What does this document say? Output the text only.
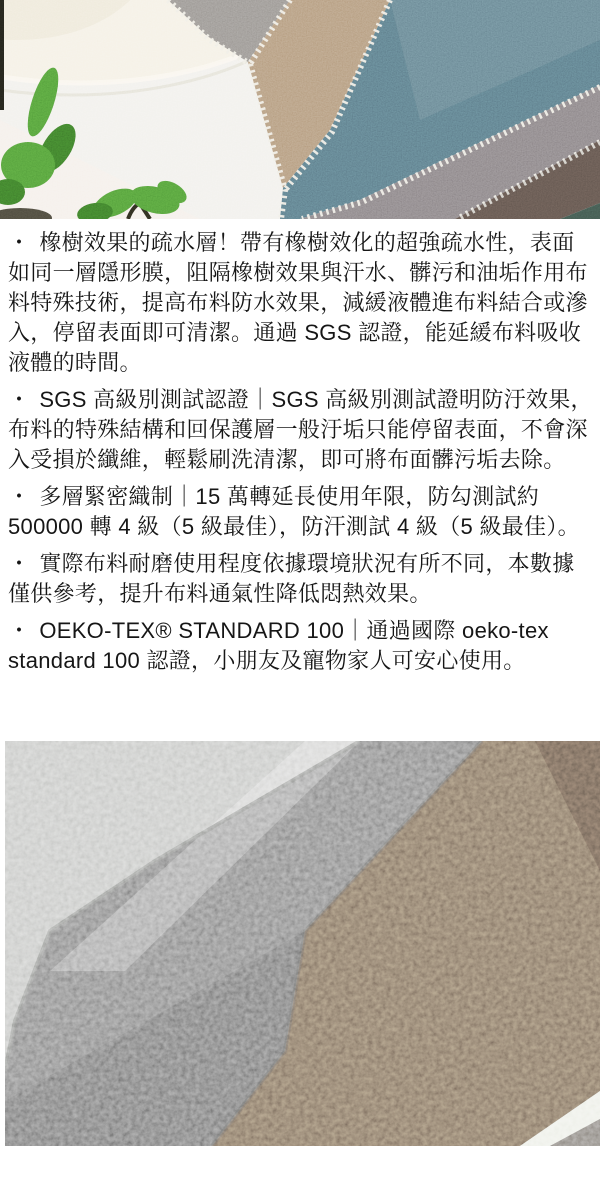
・ 橡樹效果的疏水層！帶有橡樹效化的超強疏水性，表面如同一層隱形膜，阻隔橡樹效果與汗水、髒污和油垢作用布料特殊技術，提高布料防水效果，減緩液體進布料結合或滲入，停留表面即可清潔。通過 SGS 認證，能延緩布料吸收液體的時間。

・ SGS 高級別測試認證｜SGS 高級別測試證明防汙效果，布料的特殊結構和回保護層一般汙垢只能停留表面，不會深入受損於纖維，輕鬆刷洗清潔，即可將布面髒污垢去除。

・ 多層緊密織制｜15 萬轉延長使用年限，防勾測試約 500000 轉 4 級（5 級最佳），防汗測試 4 級（5 級最佳）。

・ 實際布料耐磨使用程度依據環境狀況有所不同，本數據僅供參考，提升布料通氣性降低悶熱效果。

・ OEKO-TEX® STANDARD 100｜通過國際 oeko-tex standard 100 認證，小朋友及寵物家人可安心使用。
